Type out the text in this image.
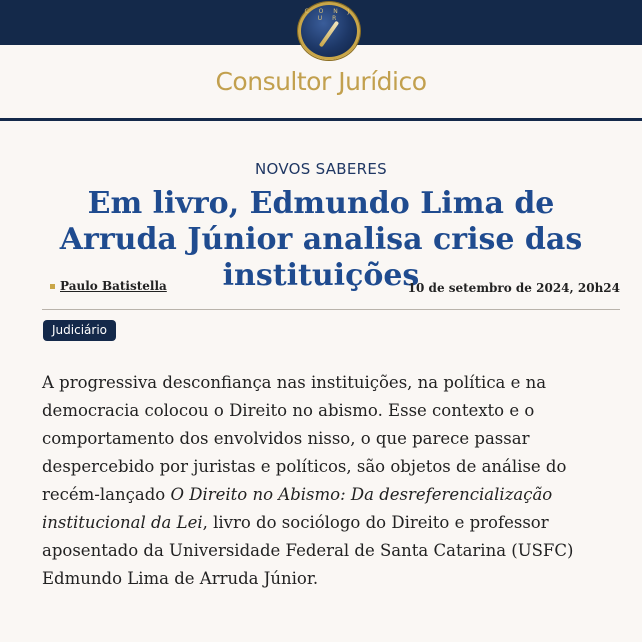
C O N J U R
Consultor Jurídico
NOVOS SABERES
Em livro, Edmundo Lima de Arruda Júnior analisa crise das instituições
Paulo Batistella	10 de setembro de 2024, 20h24
Judiciário

A progressiva desconfiança nas instituições, na política e na democracia colocou o Direito no abismo. Esse contexto e o comportamento dos envolvidos nisso, o que parece passar despercebido por juristas e políticos, são objetos de análise do recém-lançado O Direito no Abismo: Da desreferencialização institucional da Lei, livro do sociólogo do Direito e professor aposentado da Universidade Federal de Santa Catarina (USFC) Edmundo Lima de Arruda Júnior.
